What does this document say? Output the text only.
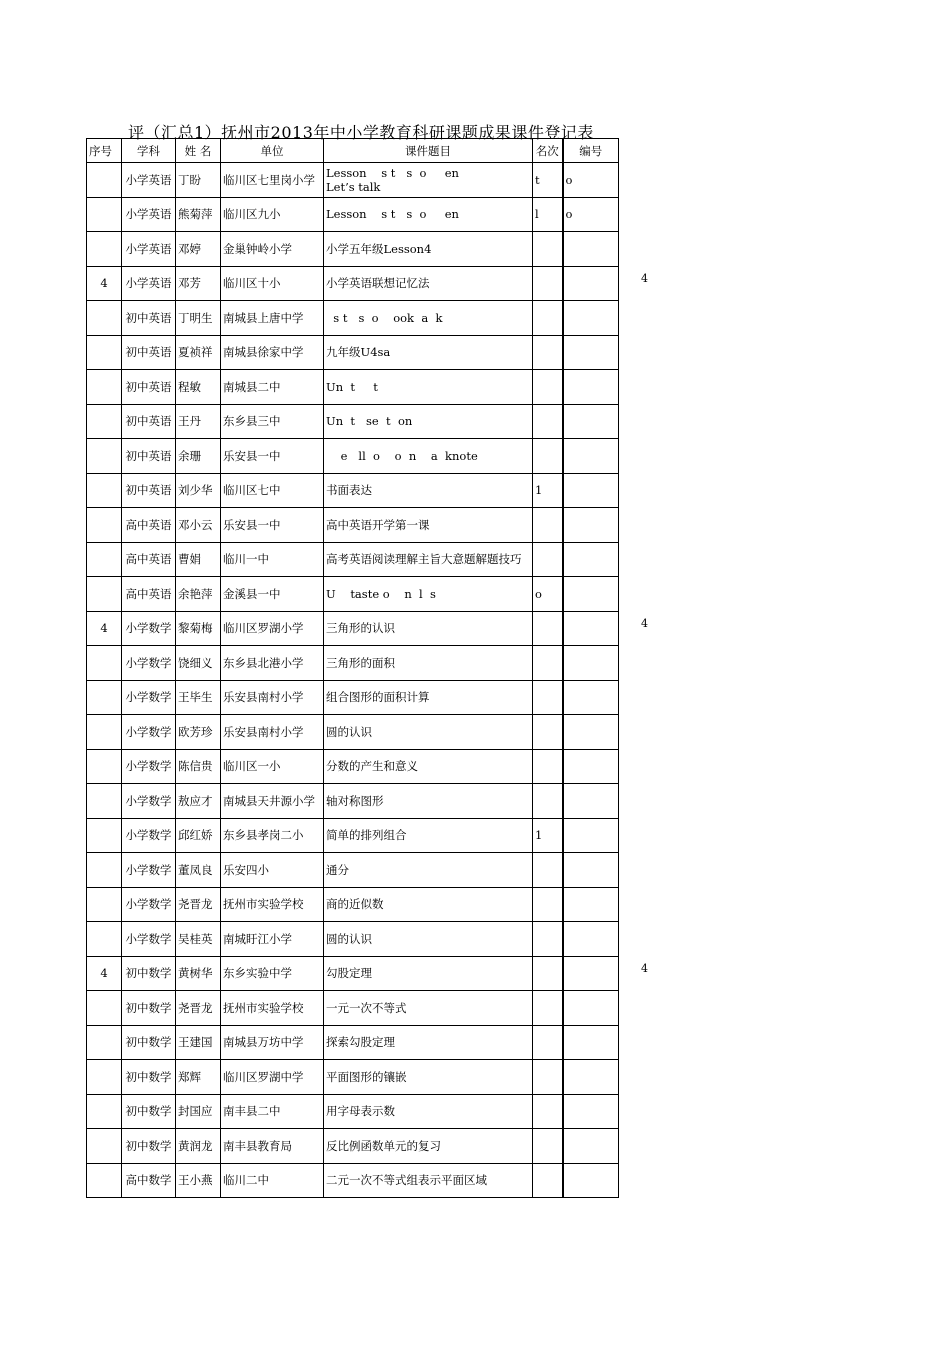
评（汇总1）抚州市2013年中小学教育科研课题成果课件登记表
序号	学科	姓 名	单位	课件题目	名次	编号
	小学英语	丁盼	临川区七里岗小学	Lesson    s t   s  o     en
Let’s talk	t	o
	小学英语	熊菊萍	临川区九小	Lesson    s t   s  o     en	l	o
	小学英语	邓婷	金巢钟岭小学	小学五年级Lesson4		
4	小学英语	邓芳	临川区十小	小学英语联想记忆法		
	初中英语	丁明生	南城县上唐中学	s t   s  o    ook  a  k		
	初中英语	夏祯祥	南城县徐家中学	九年级U4sa		
	初中英语	程敏	南城县二中	Un  t     t		
	初中英语	王丹	东乡县三中	Un  t   se  t  on		
	初中英语	余珊	乐安县一中	e   ll  o    o  n    a  knote		
	初中英语	刘少华	临川区七中	书面表达	1	
	高中英语	邓小云	乐安县一中	高中英语开学第一课		
	高中英语	曹娟	临川一中	高考英语阅读理解主旨大意题解题技巧		
	高中英语	余艳萍	金溪县一中	U    taste o    n  l  s	o	
4	小学数学	黎菊梅	临川区罗湖小学	三角形的认识		
	小学数学	饶细义	东乡县北港小学	三角形的面积		
	小学数学	王毕生	乐安县南村小学	组合图形的面积计算		
	小学数学	欧芳珍	乐安县南村小学	圆的认识		
	小学数学	陈信贵	临川区一小	分数的产生和意义		
	小学数学	敖应才	南城县天井源小学	轴对称图形		
	小学数学	邱红娇	东乡县孝岗二小	简单的排列组合	1	
	小学数学	董凤良	乐安四小	通分		
	小学数学	尧晋龙	抚州市实验学校	商的近似数		
	小学数学	吴桂英	南城盱江小学	圆的认识		
4	初中数学	黄树华	东乡实验中学	勾股定理		
	初中数学	尧晋龙	抚州市实验学校	一元一次不等式		
	初中数学	王建国	南城县万坊中学	探索勾股定理		
	初中数学	郑辉	临川区罗湖中学	平面图形的镶嵌		
	初中数学	封国应	南丰县二中	用字母表示数		
	初中数学	黄润龙	南丰县教育局	反比例函数单元的复习		
	高中数学	王小燕	临川二中	二元一次不等式组表示平面区域		
4
4
4
